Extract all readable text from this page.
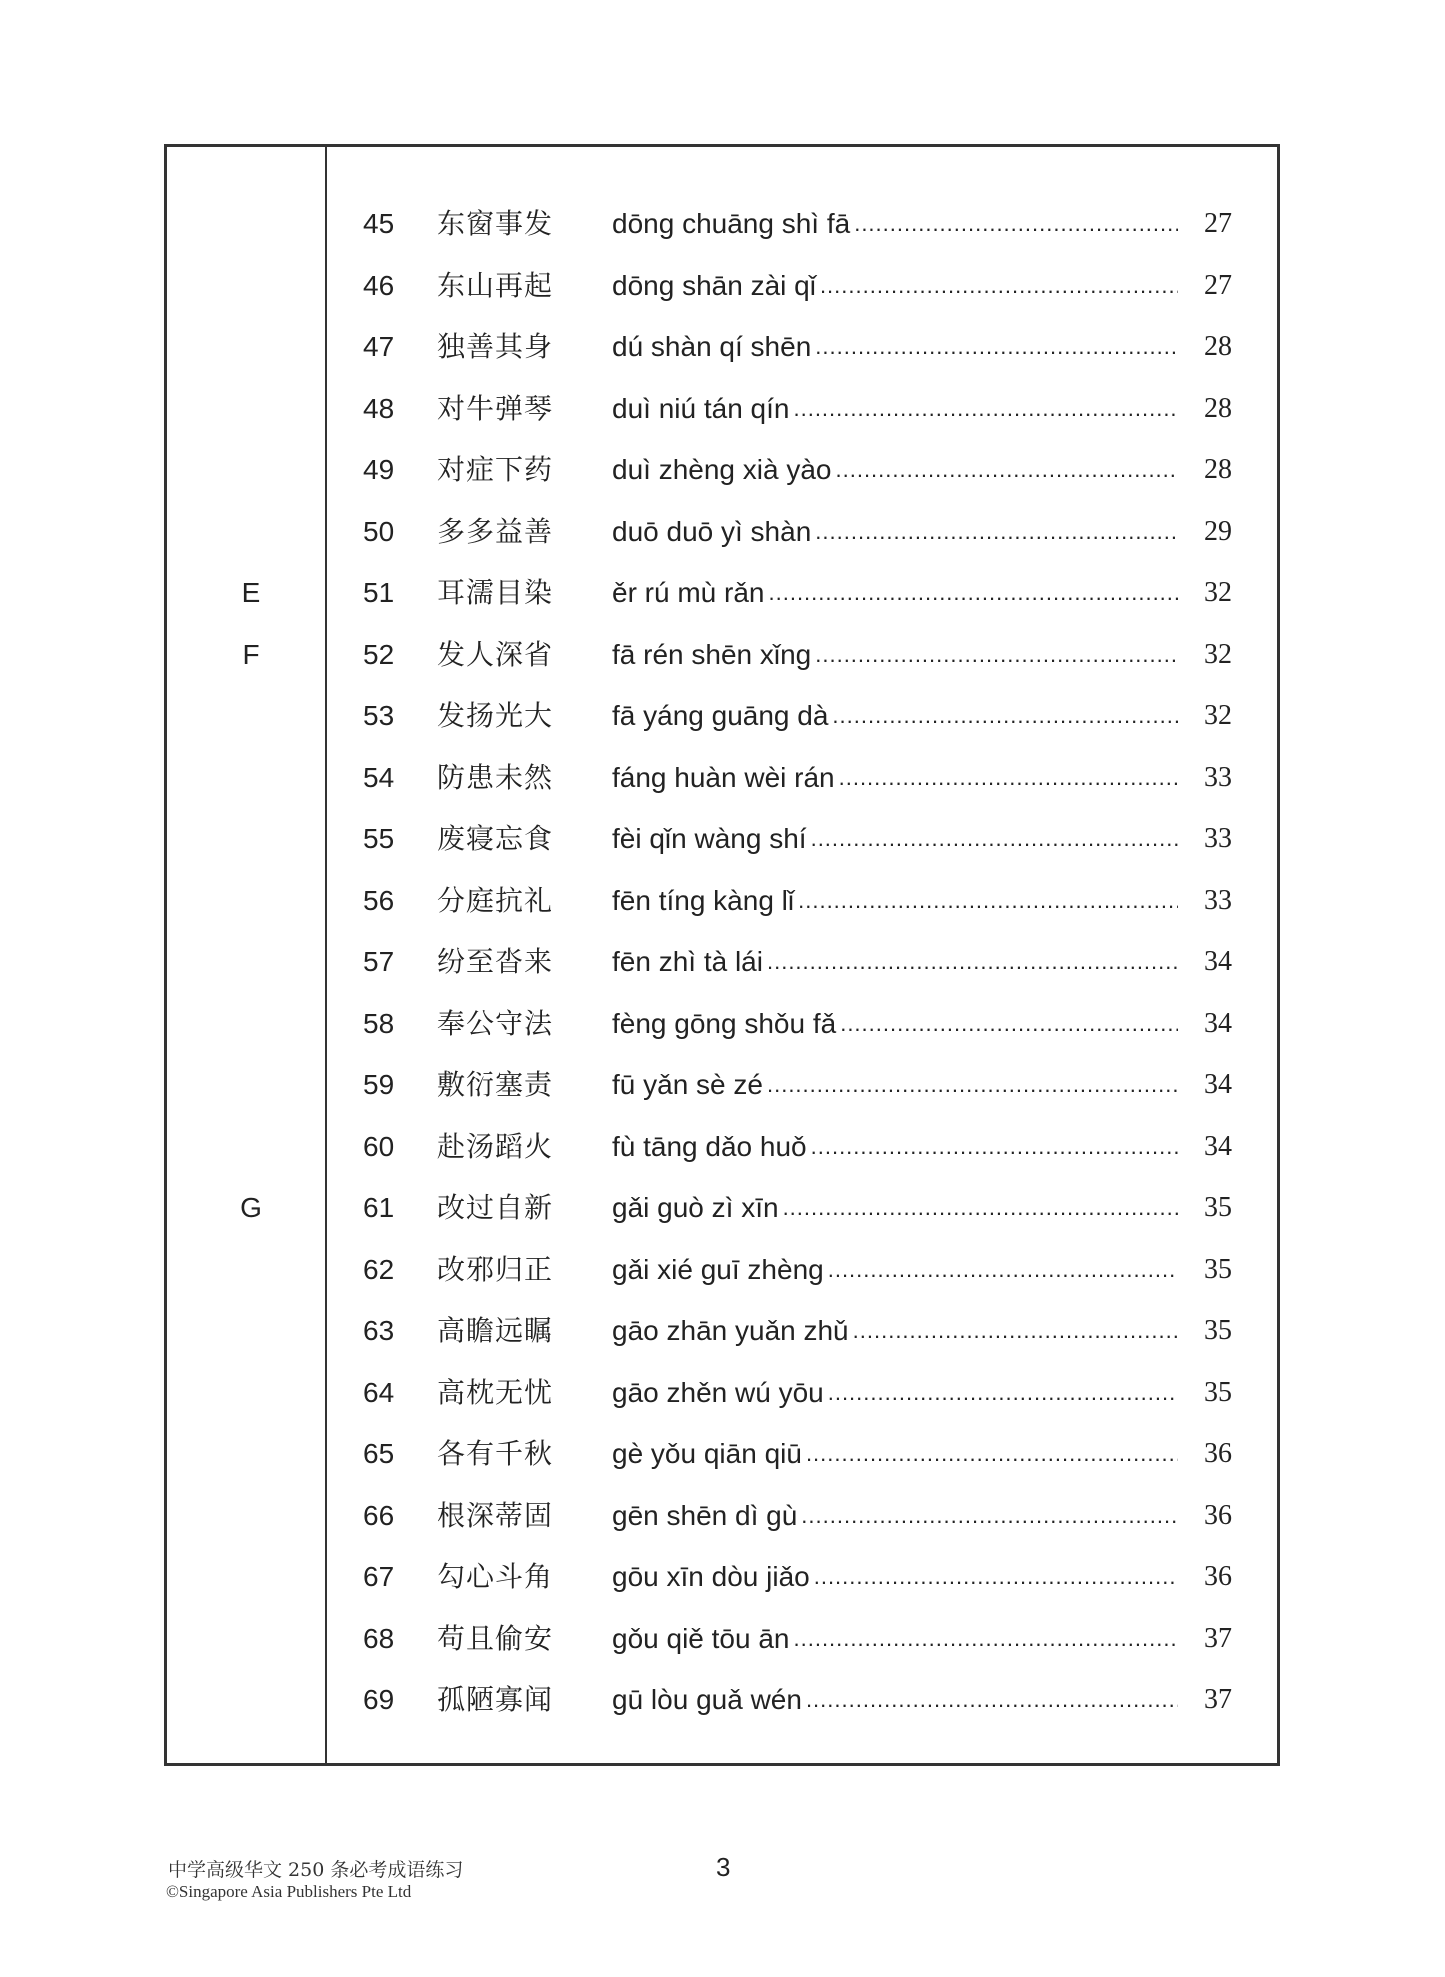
45 东窗事发 dōng chuāng shì fā .....	27
46 东山再起 dōng shān zài qǐ .....	27
47 独善其身 dú shàn qí shēn .....	28
48 对牛弹琴 duì niú tán qín .....	28
49 对症下药 duì zhèng xià yào .....	28
50 多多益善 duō duō yì shàn .....	29
E	51 耳濡目染 ěr rú mù rǎn .....	32
F	52 发人深省 fā rén shēn xǐng .....	32
53 发扬光大 fā yáng guāng dà .....	32
54 防患未然 fáng huàn wèi rán .....	33
55 废寝忘食 fèi qǐn wàng shí .....	33
56 分庭抗礼 fēn tíng kàng lǐ .....	33
57 纷至沓来 fēn zhì tà lái .....	34
58 奉公守法 fèng gōng shǒu fǎ .....	34
59 敷衍塞责 fū yǎn sè zé .....	34
60 赴汤蹈火 fù tāng dǎo huǒ .....	34
G	61 改过自新 gǎi guò zì xīn .....	35
62 改邪归正 gǎi xié guī zhèng .....	35
63 高瞻远瞩 gāo zhān yuǎn zhǔ .....	35
64 高枕无忧 gāo zhěn wú yōu .....	35
65 各有千秋 gè yǒu qiān qiū .....	36
66 根深蒂固 gēn shēn dì gù .....	36
67 勾心斗角 gōu xīn dòu jiǎo .....	36
68 苟且偷安 gǒu qiě tōu ān .....	37
69 孤陋寡闻 gū lòu guǎ wén .....	37
中学高级华文 250 条必考成语练习
©Singapore Asia Publishers Pte Ltd
3
